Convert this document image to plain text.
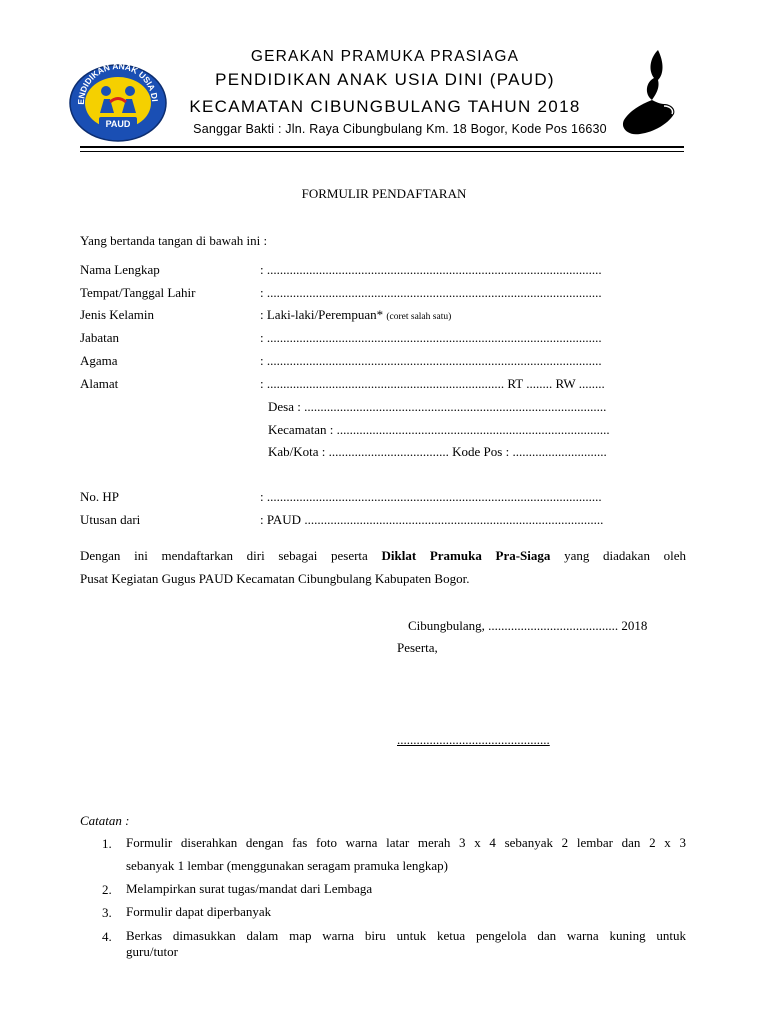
ENDIDIKAN ANAK USIA DI
PAUD
GERAKAN PRAMUKA PRASIAGA
PENDIDIKAN ANAK USIA DINI (PAUD)
KECAMATAN CIBUNGBULANG TAHUN 2018
Sanggar Bakti : Jln. Raya Cibungbulang Km. 18 Bogor, Kode Pos 16630
FORMULIR PENDAFTARAN
Yang bertanda tangan di bawah ini :
Nama Lengkap	: .......................................................................................................
Tempat/Tanggal Lahir	: .......................................................................................................
Jenis Kelamin	: Laki-laki/Perempuan* (coret salah satu)
Jabatan	: .......................................................................................................
Agama	: .......................................................................................................
Alamat	: ......................................................................... RT ........ RW ........
Desa : .............................................................................................
Kecamatan : ....................................................................................
Kab/Kota : ..................................... Kode Pos : .............................
No. HP	: .......................................................................................................
Utusan dari	: PAUD ............................................................................................
Dengan ini mendaftarkan diri sebagai peserta Diklat Pramuka Pra-Siaga yang diadakan oleh
Pusat Kegiatan Gugus PAUD Kecamatan Cibungbulang Kabupaten Bogor.
Cibungbulang, ........................................ 2018
Peserta,
...............................................
Catatan :
1. Formulir diserahkan dengan fas foto warna latar merah 3 x 4 sebanyak 2 lembar dan 2 x 3
sebanyak 1 lembar (menggunakan seragam pramuka lengkap)
2. Melampirkan surat tugas/mandat dari Lembaga
3. Formulir dapat diperbanyak
4. Berkas dimasukkan dalam map warna biru untuk ketua pengelola dan warna kuning untuk
guru/tutor
